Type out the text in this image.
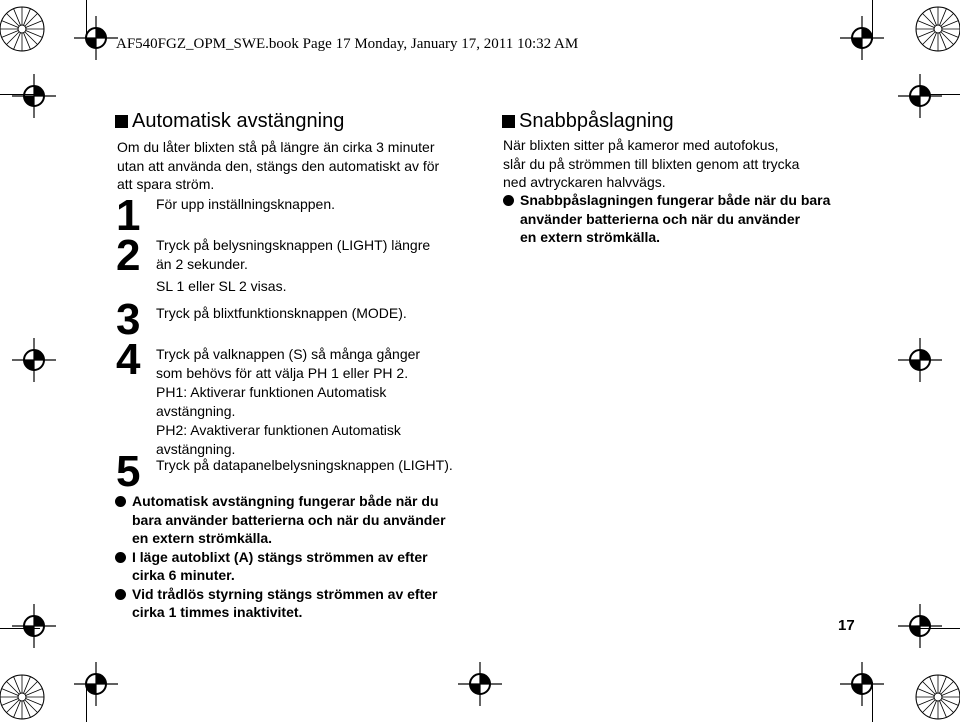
AF540FGZ_OPM_SWE.book Page 17 Monday, January 17, 2011 10:32 AM
Automatisk avstängning
Om du låter blixten stå på längre än cirka 3 minuter
utan att använda den, stängs den automatiskt av för
att spara ström.
1 För upp inställningsknappen.
2 Tryck på belysningsknappen (LIGHT) längre
än 2 sekunder.
SL 1 eller SL 2 visas.
3 Tryck på blixtfunktionsknappen (MODE).
4 Tryck på valknappen (S) så många gånger
som behövs för att välja PH 1 eller PH 2.
PH1: Aktiverar funktionen Automatisk
avstängning.
PH2: Avaktiverar funktionen Automatisk
avstängning.
5 Tryck på datapanelbelysningsknappen (LIGHT).
Automatisk avstängning fungerar både när du
bara använder batterierna och när du använder
en extern strömkälla.
I läge autoblixt (A) stängs strömmen av efter
cirka 6 minuter.
Vid trådlös styrning stängs strömmen av efter
cirka 1 timmes inaktivitet.
Snabbpåslagning
När blixten sitter på kameror med autofokus,
slår du på strömmen till blixten genom att trycka
ned avtryckaren halvvägs.
Snabbpåslagningen fungerar både när du bara
använder batterierna och när du använder
en extern strömkälla.
17
